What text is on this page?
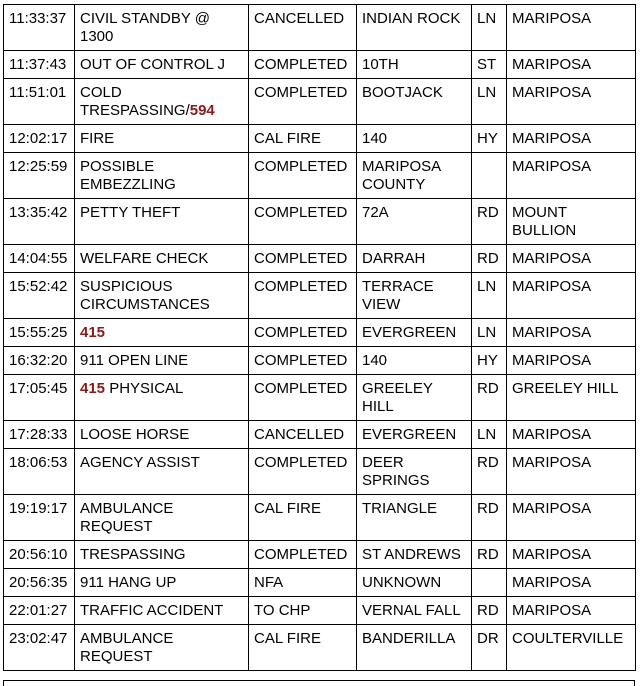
11:33:37	CIVIL STANDBY @ 1300	CANCELLED	INDIAN ROCK	LN	MARIPOSA
11:37:43	OUT OF CONTROL J	COMPLETED	10TH	ST	MARIPOSA
11:51:01	COLD TRESPASSING/594	COMPLETED	BOOTJACK	LN	MARIPOSA
12:02:17	FIRE	CAL FIRE	140	HY	MARIPOSA
12:25:59	POSSIBLE EMBEZZLING	COMPLETED	MARIPOSA COUNTY		MARIPOSA
13:35:42	PETTY THEFT	COMPLETED	72A	RD	MOUNT BULLION
14:04:55	WELFARE CHECK	COMPLETED	DARRAH	RD	MARIPOSA
15:52:42	SUSPICIOUS CIRCUMSTANCES	COMPLETED	TERRACE VIEW	LN	MARIPOSA
15:55:25	415	COMPLETED	EVERGREEN	LN	MARIPOSA
16:32:20	911 OPEN LINE	COMPLETED	140	HY	MARIPOSA
17:05:45	415 PHYSICAL	COMPLETED	GREELEY HILL	RD	GREELEY HILL
17:28:33	LOOSE HORSE	CANCELLED	EVERGREEN	LN	MARIPOSA
18:06:53	AGENCY ASSIST	COMPLETED	DEER SPRINGS	RD	MARIPOSA
19:19:17	AMBULANCE REQUEST	CAL FIRE	TRIANGLE	RD	MARIPOSA
20:56:10	TRESPASSING	COMPLETED	ST ANDREWS	RD	MARIPOSA
20:56:35	911 HANG UP	NFA	UNKNOWN		MARIPOSA
22:01:27	TRAFFIC ACCIDENT	TO CHP	VERNAL FALL	RD	MARIPOSA
23:02:47	AMBULANCE REQUEST	CAL FIRE	BANDERILLA	DR	COULTERVILLE
